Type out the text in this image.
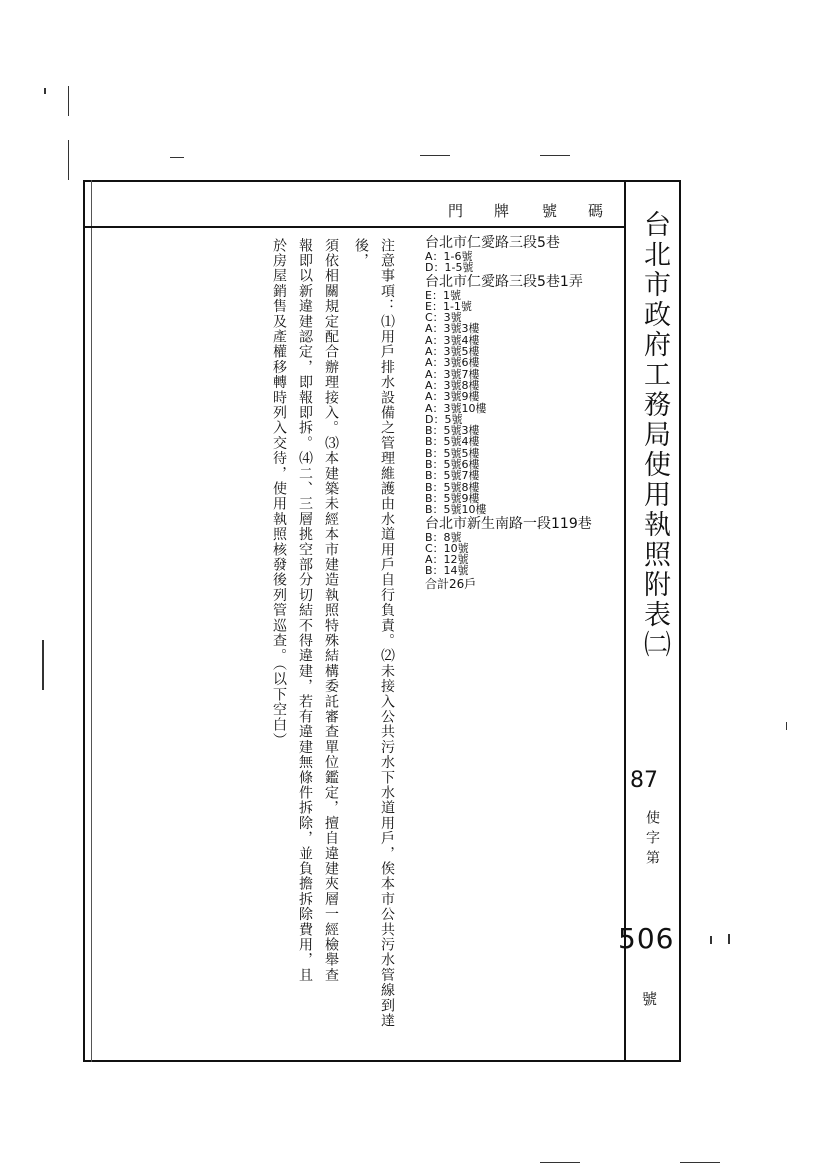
門 牌 號 碼 台北市政府工務局使用執照附表㈡
87
使字第
506
號
台北市仁愛路三段5巷
A：1-6號
D：1-5號
台北市仁愛路三段5巷1弄
E：1號
E：1-1號
C：3號
A：3號3樓
A：3號4樓
A：3號5樓
A：3號6樓
A：3號7樓
A：3號8樓
A：3號9樓
A：3號10樓
D：5號
B：5號3樓
B：5號4樓
B：5號5樓
B：5號6樓
B：5號7樓
B：5號8樓
B：5號9樓
B：5號10樓
台北市新生南路一段119巷
B：8號
C：10號
A：12號
B：14號
合計26戶

注意事項：⑴用戶排水設備之管理維護由水道用戶自行負責。⑵未接入公共污水下水道用戶，俟本市公共污水管線到達後，

須依相關規定配合辦理接入。⑶本建築未經本市建造執照特殊結構委託審查單位鑑定，擅自違建夾層一經檢舉查

報即以新違建認定，即報即拆。⑷二、三層挑空部分切結不得違建，若有違建無條件拆除，並負擔拆除費用，且

於房屋銷售及產權移轉時列入交待，使用執照核發後列管巡查。（以下空白）
